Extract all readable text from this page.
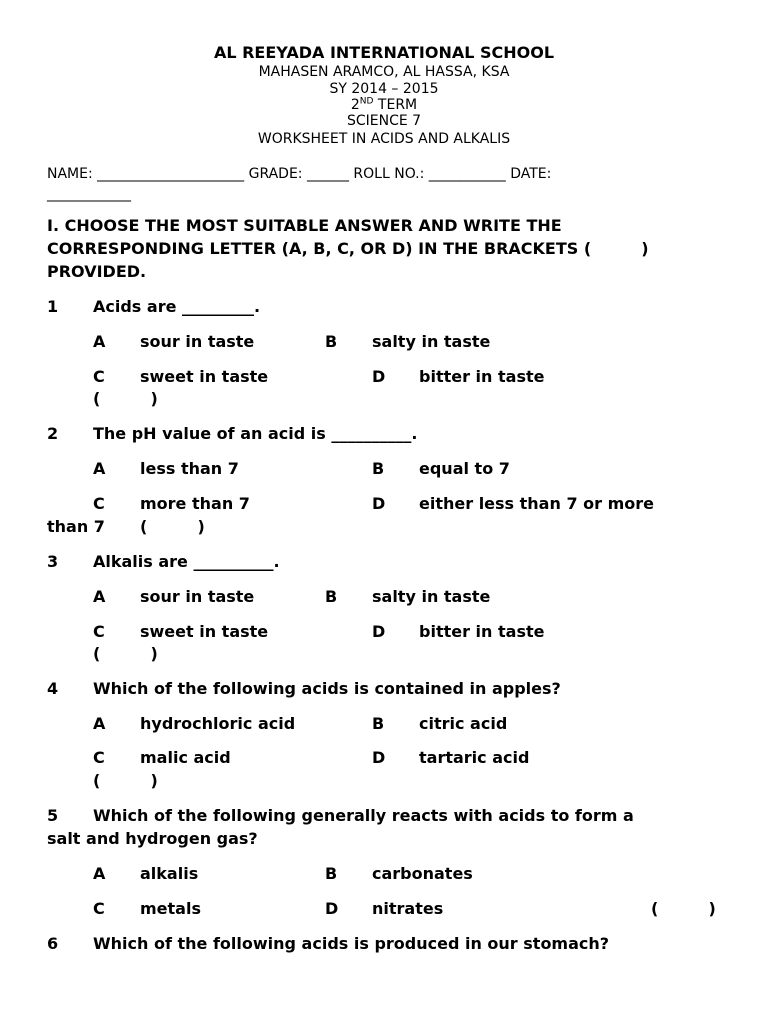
AL REEYADA INTERNATIONAL SCHOOL
MAHASEN ARAMCO, AL HASSA, KSA
SY 2014 – 2015
2ND TERM
SCIENCE 7
WORKSHEET IN ACIDS AND ALKALIS
NAME: _____________________ GRADE: ______ ROLL NO.: ___________ DATE:
____________
I. CHOOSE THE MOST SUITABLE ANSWER AND WRITE THE
CORRESPONDING LETTER (A, B, C, OR D) IN THE BRACKETS (         )
PROVIDED.
1 Acids are _________.
A sour in taste	B salty in taste
C sweet in taste	D bitter in taste
(         )
2 The pH value of an acid is __________.
A less than 7	B equal to 7
C more than 7	D either less than 7 or more
than 7 (         )
3 Alkalis are __________.
A sour in taste	B salty in taste
C sweet in taste	D bitter in taste
(         )
4 Which of the following acids is contained in apples?
A hydrochloric acid	B citric acid
C malic acid	D tartaric acid
(         )
5 Which of the following generally reacts with acids to form a
salt and hydrogen gas?
A alkalis	B carbonates
C metals	D nitrates	(         )
6 Which of the following acids is produced in our stomach?
